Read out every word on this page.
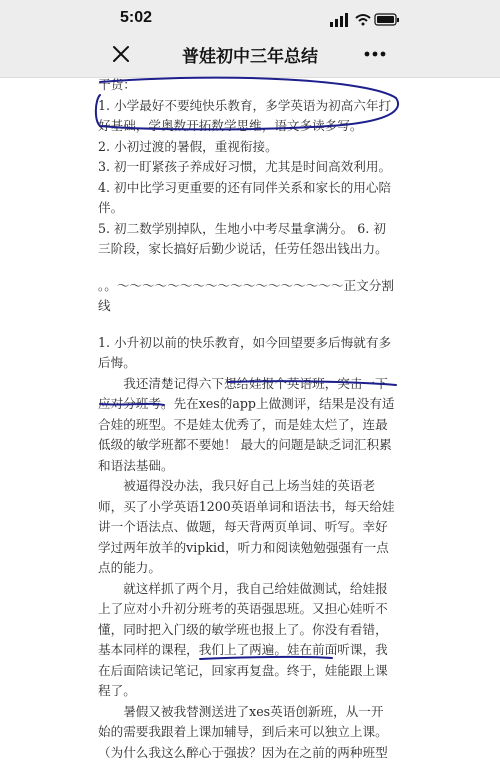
5:02
普娃初中三年总结

干货：

1. 小学最好不要纯快乐教育，多学英语为初高六年打好基础，学奥数开拓数学思维，语文多读多写。

2. 小初过渡的暑假，重视衔接。

3. 初一盯紧孩子养成好习惯，尤其是时间高效利用。

4. 初中比学习更重要的还有同伴关系和家长的用心陪伴。

5. 初二数学别掉队，生地小中考尽量拿满分。 6. 初三阶段，家长搞好后勤少说话，任劳任怨出钱出力。

。。～～～～～～～～～～～～～～～～～～正文分割线

1. 小升初以前的快乐教育，如今回望要多后悔就有多后悔。

我还清楚记得六下想给娃报个英语班，突击一下应对分班考。先在xes的app上做测评，结果是没有适合娃的班型。不是娃太优秀了，而是娃太烂了，连最低级的敏学班都不要她！ 最大的问题是缺乏词汇积累和语法基础。

被逼得没办法，我只好自己上场当娃的英语老师，买了小学英语1200英语单词和语法书，每天给娃讲一个语法点、做题，每天背两页单词、听写。幸好学过两年放羊的vipkid，听力和阅读勉勉强强有一点点的能力。

就这样抓了两个月，我自己给娃做测试，给娃报上了应对小升初分班考的英语强思班。又担心娃听不懂，同时把入门级的敏学班也报上了。你没有看错，基本同样的课程，我们上了两遍。娃在前面听课，我在后面陪读记笔记，回家再复盘。终于，娃能跟上课程了。

暑假又被我替测送进了xes英语创新班，从一开始的需要我跟着上课加辅导，到后来可以独立上课。

（为什么我这么醉心于强拔？因为在之前的两种班型
